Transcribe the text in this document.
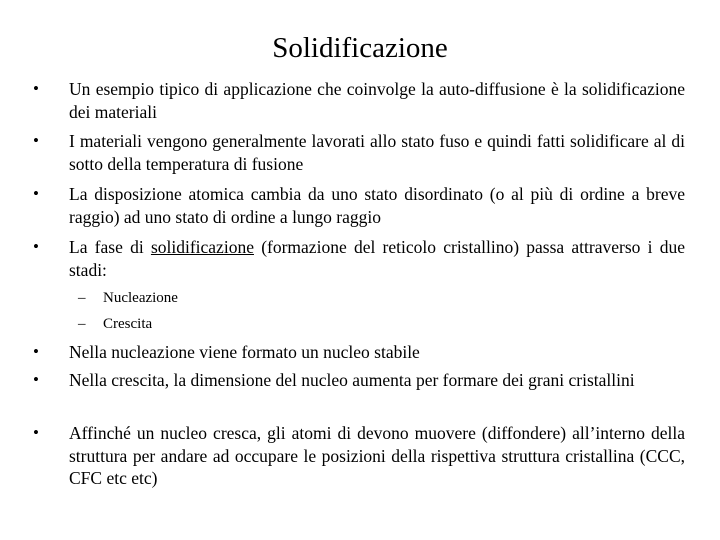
Solidificazione
• Un esempio tipico di applicazione che coinvolge la auto-diffusione è la solidificazione dei materiali
• I materiali vengono generalmente lavorati allo stato fuso e quindi fatti solidificare al di sotto della temperatura di fusione
• La disposizione atomica cambia da uno stato disordinato (o al più di ordine a breve raggio) ad uno stato di ordine a lungo raggio
• La fase di solidificazione (formazione del reticolo cristallino) passa attraverso i due stadi:
– Nucleazione
– Crescita
• Nella nucleazione viene formato un nucleo stabile
• Nella crescita, la dimensione del nucleo aumenta per formare dei grani cristallini
• Affinché un nucleo cresca, gli atomi di devono muovere (diffondere) all’interno della struttura per andare ad occupare le posizioni della rispettiva struttura cristallina (CCC, CFC etc etc)
